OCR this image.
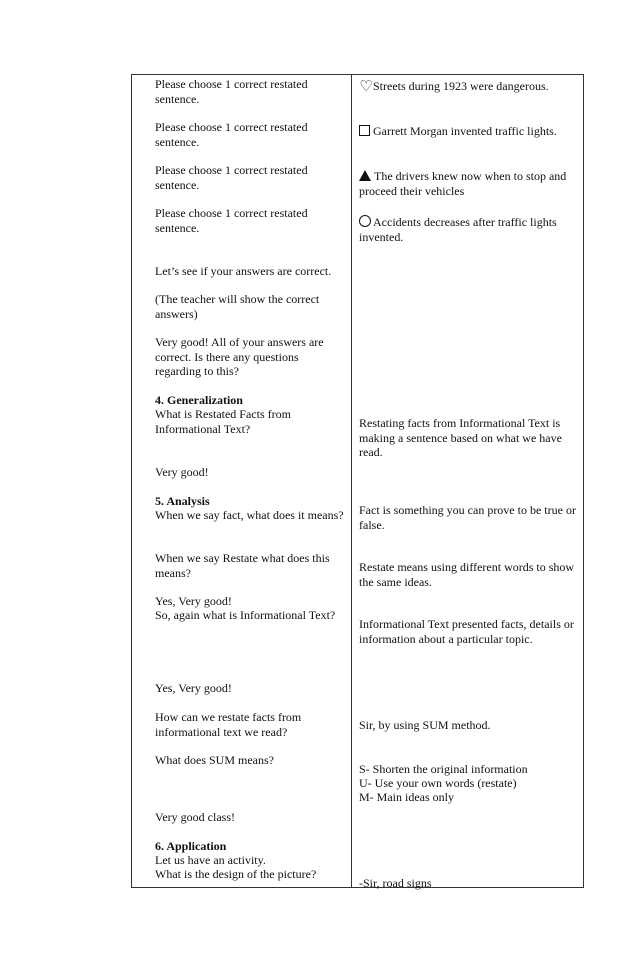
Please choose 1 correct restated sentence.

Please choose 1 correct restated sentence.

Please choose 1 correct restated sentence.

Please choose 1 correct restated sentence.

Let’s see if your answers are correct.

(The teacher will show the correct answers)

Very good! All of your answers are correct. Is there any questions regarding to this?

4. Generalization

What is Restated Facts from Informational Text?

Very good!

5. Analysis

When we say fact, what does it means?

When we say Restate what does this means?

Yes, Very good!

So, again what is Informational Text?

Yes, Very good!

How can we restate facts from informational text we read?

What does SUM means?

Very good class!

6. Application

Let us have an activity.

What is the design of the picture?

♡Streets during 1923 were dangerous.

Garrett Morgan invented traffic lights.

The drivers knew now when to stop and proceed their vehicles

Accidents decreases after traffic lights invented.

Restating facts from Informational Text is making a sentence based on what we have read.

Fact is something you can prove to be true or false.

Restate means using different words to show the same ideas.

Informational Text presented facts, details or information about a particular topic.

Sir, by using SUM method.

S- Shorten the original information

U- Use your own words (restate)

M- Main ideas only

-Sir, road signs
